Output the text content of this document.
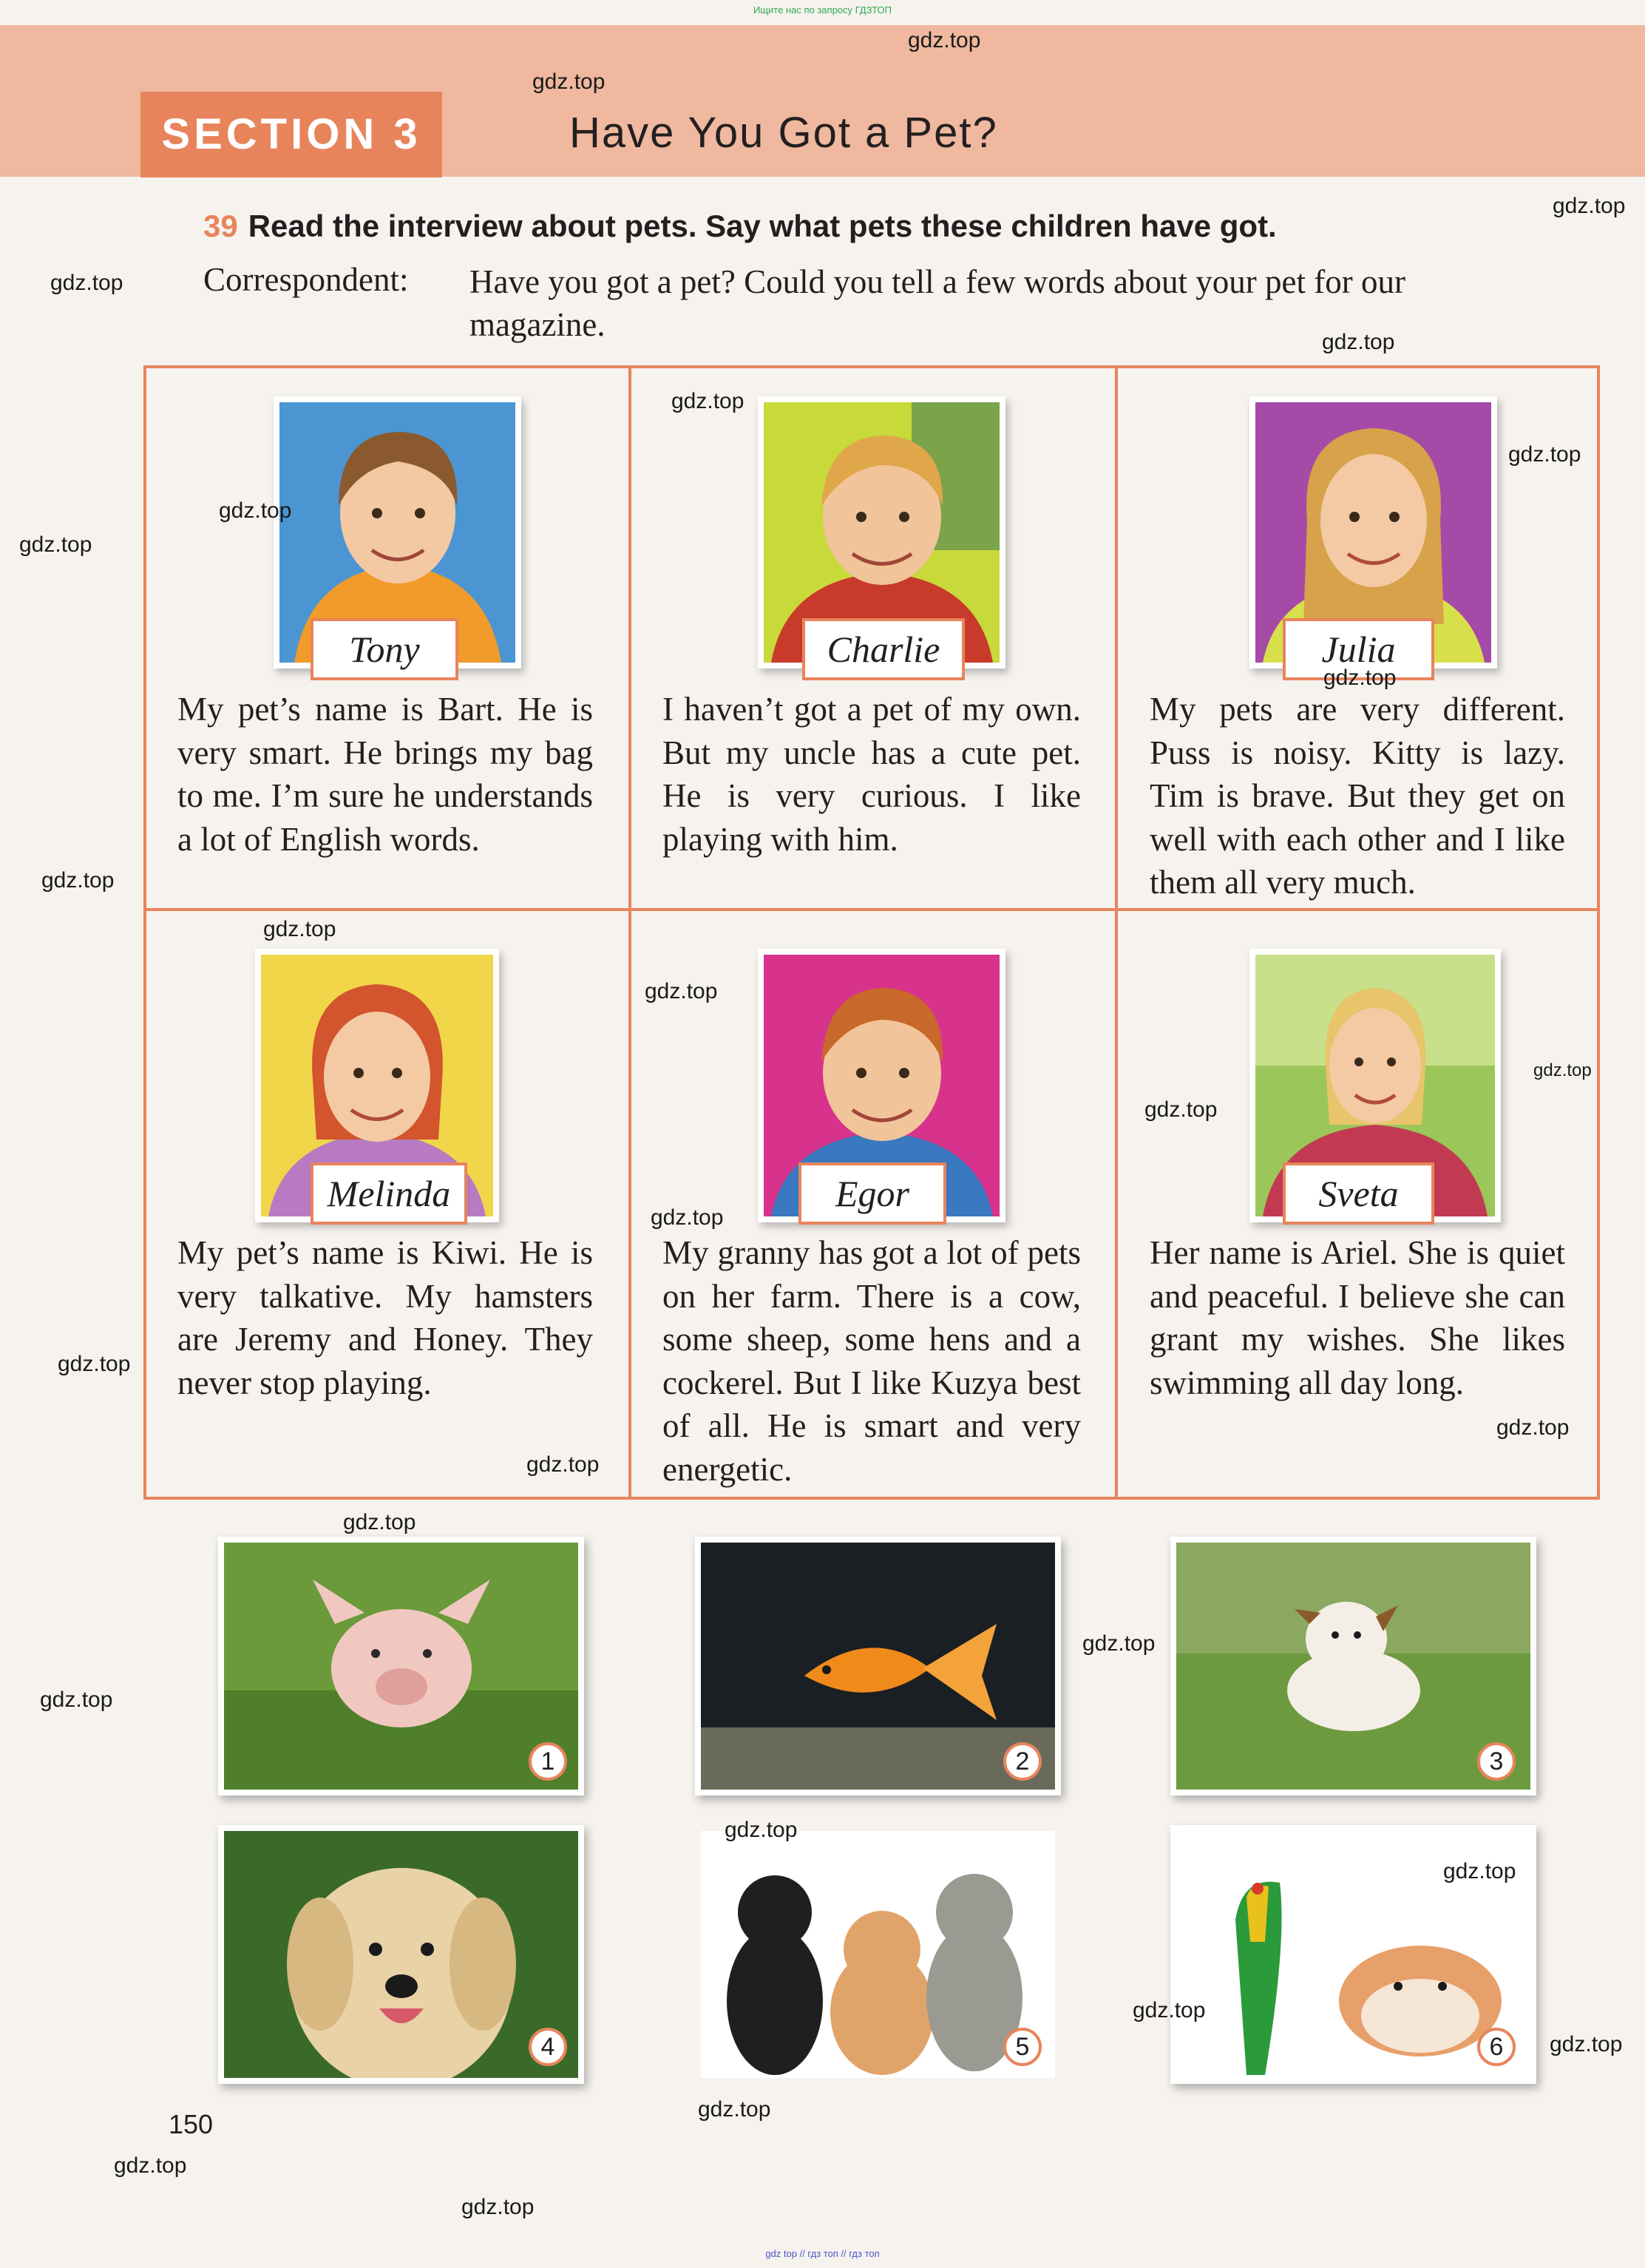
Ищите нас по запросу ГДЗТОП
SECTION 3	Have You Got a Pet?
39 Read the interview about pets. Say what pets these children have got.
Correspondent: Have you got a pet? Could you tell a few words about your pet for our magazine.
Tony
My pet’s name is Bart. He is very smart. He brings my bag to me. I’m sure he understands a lot of English words.
Charlie
I haven’t got a pet of my own. But my uncle has a cute pet. He is very curious. I like playing with him.
Julia
My pets are very different. Puss is noisy. Kitty is lazy. Tim is brave. But they get on well with each other and I like them all very much.
Melinda
My pet’s name is Kiwi. He is very talkative. My hamsters are Jeremy and Honey. They never stop playing.
Egor
My granny has got a lot of pets on her farm. There is a cow, some sheep, some hens and a cockerel. But I like Kuzya best of all. He is smart and very energetic.
Sveta
Her name is Ariel. She is quiet and peaceful. I believe she can grant my wishes. She likes swimming all day long.
1	2	3
4	5	6
150
gdz.top
gdz.top
gdz.top
gdz.top
gdz.top
gdz.top
gdz.top
gdz.top
gdz.top
gdz.top
gdz.top
gdz.top
gdz.top
gdz.top
gdz.top
gdz.top
gdz.top
gdz.top
gdz.top
gdz.top
gdz.top
gdz.top
gdz.top
gdz.top
gdz.top
gdz.top
gdz.top
gdz.top
gdz.top
gdz top // гдз топ // гдз топ
